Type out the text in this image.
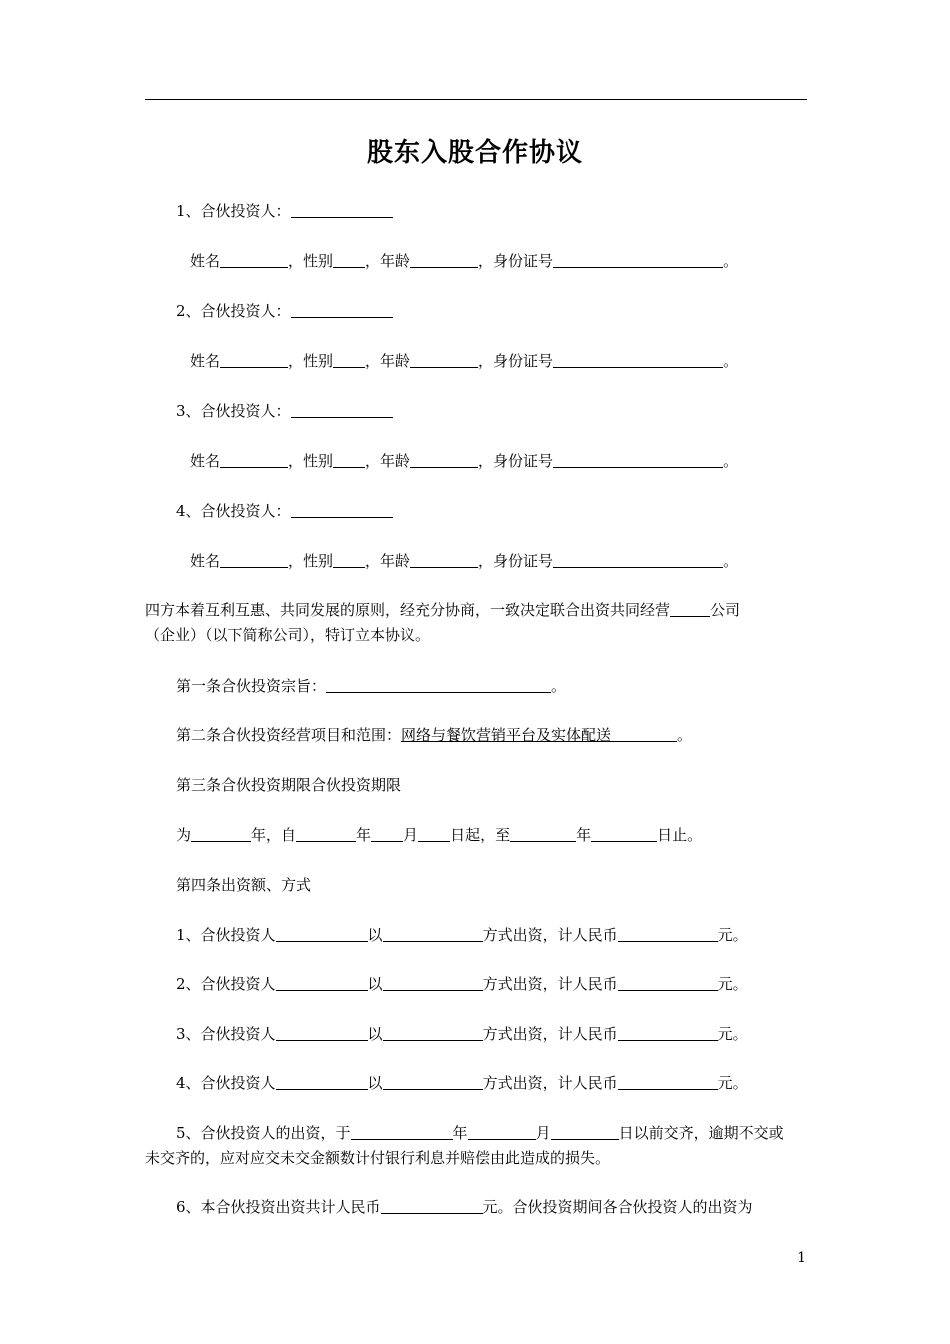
股东入股合作协议
1、合伙投资人：
姓名	，性别 ，年龄	，身份证号	。
2、合伙投资人：
姓名	，性别 ，年龄	，身份证号	。
3、合伙投资人：
姓名	，性别 ，年龄	，身份证号	。
4、合伙投资人：
姓名	，性别 ，年龄	，身份证号	。
四方本着互利互惠、共同发展的原则，经充分协商，一致决定联合出资共同经营	公司
（企业）（以下简称公司），特订立本协议。
第一条合伙投资宗旨：	。
第二条合伙投资经营项目和范围：网络与餐饮营销平台及实体配送	。
第三条合伙投资期限合伙投资期限
为	年，自	年 月 日起，至	年	日止。
第四条出资额、方式
1、合伙投资人	以	方式出资，计人民币	元。
2、合伙投资人	以	方式出资，计人民币	元。
3、合伙投资人	以	方式出资，计人民币	元。
4、合伙投资人	以	方式出资，计人民币	元。
5、合伙投资人的出资，于	年	月	日以前交齐，逾期不交或
未交齐的，应对应交未交金额数计付银行利息并赔偿由此造成的损失。
6、本合伙投资出资共计人民币	元。合伙投资期间各合伙投资人的出资为
1
